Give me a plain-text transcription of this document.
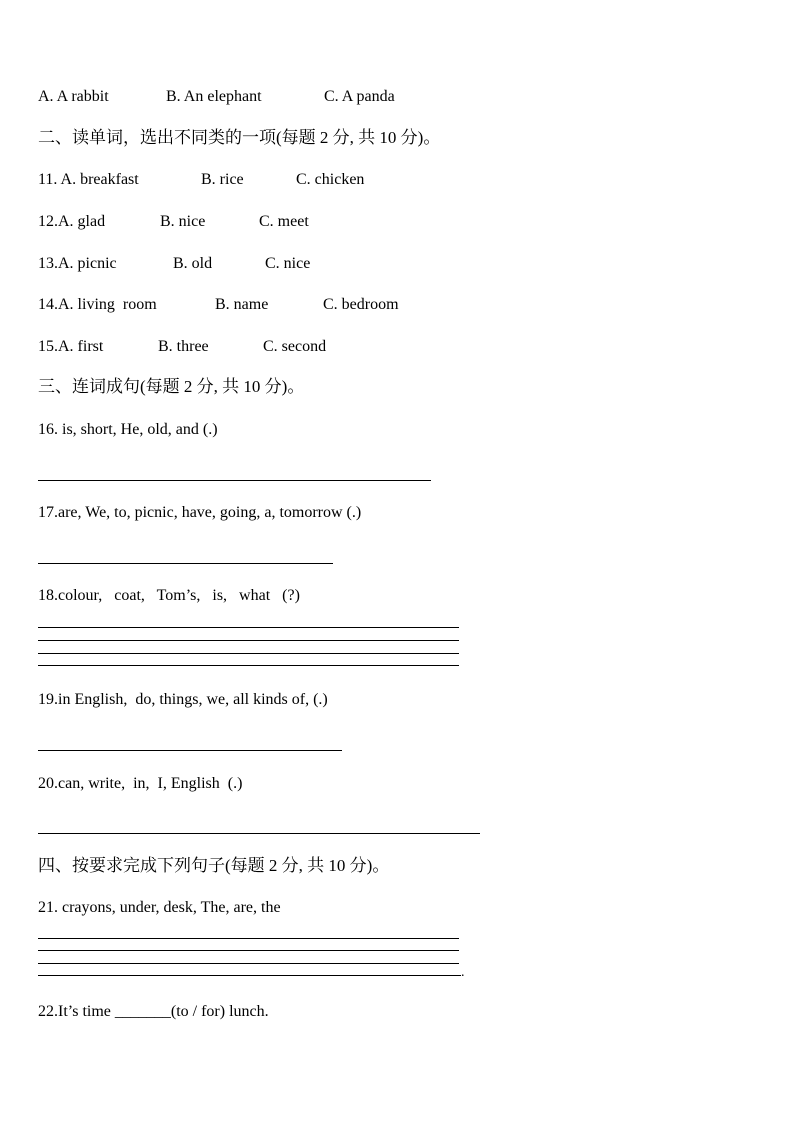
A. A rabbit	B. An elephant	C. A panda
二、读单词，选出不同类的一项(每题 2 分, 共 10 分)。
11. A. breakfast	B. rice	C. chicken
12.A. glad	B. nice	C. meet
13.A. picnic	B. old	C. nice
14.A. living  room	B. name	C. bedroom
15.A. first	B. three	C. second
三、连词成句(每题 2 分, 共 10 分)。
16. is, short, He, old, and (.)
17.are, We, to, picnic, have, going, a, tomorrow (.)
18.colour,   coat,   Tom’s,   is,   what   (?)
19.in English,  do, things, we, all kinds of, (.)
20.can, write,  in,  I, English  (.)
四、按要求完成下列句子(每题 2 分, 共 10 分)。
21. crayons, under, desk, The, are, the
.
22.It’s time _______(to / for) lunch.
